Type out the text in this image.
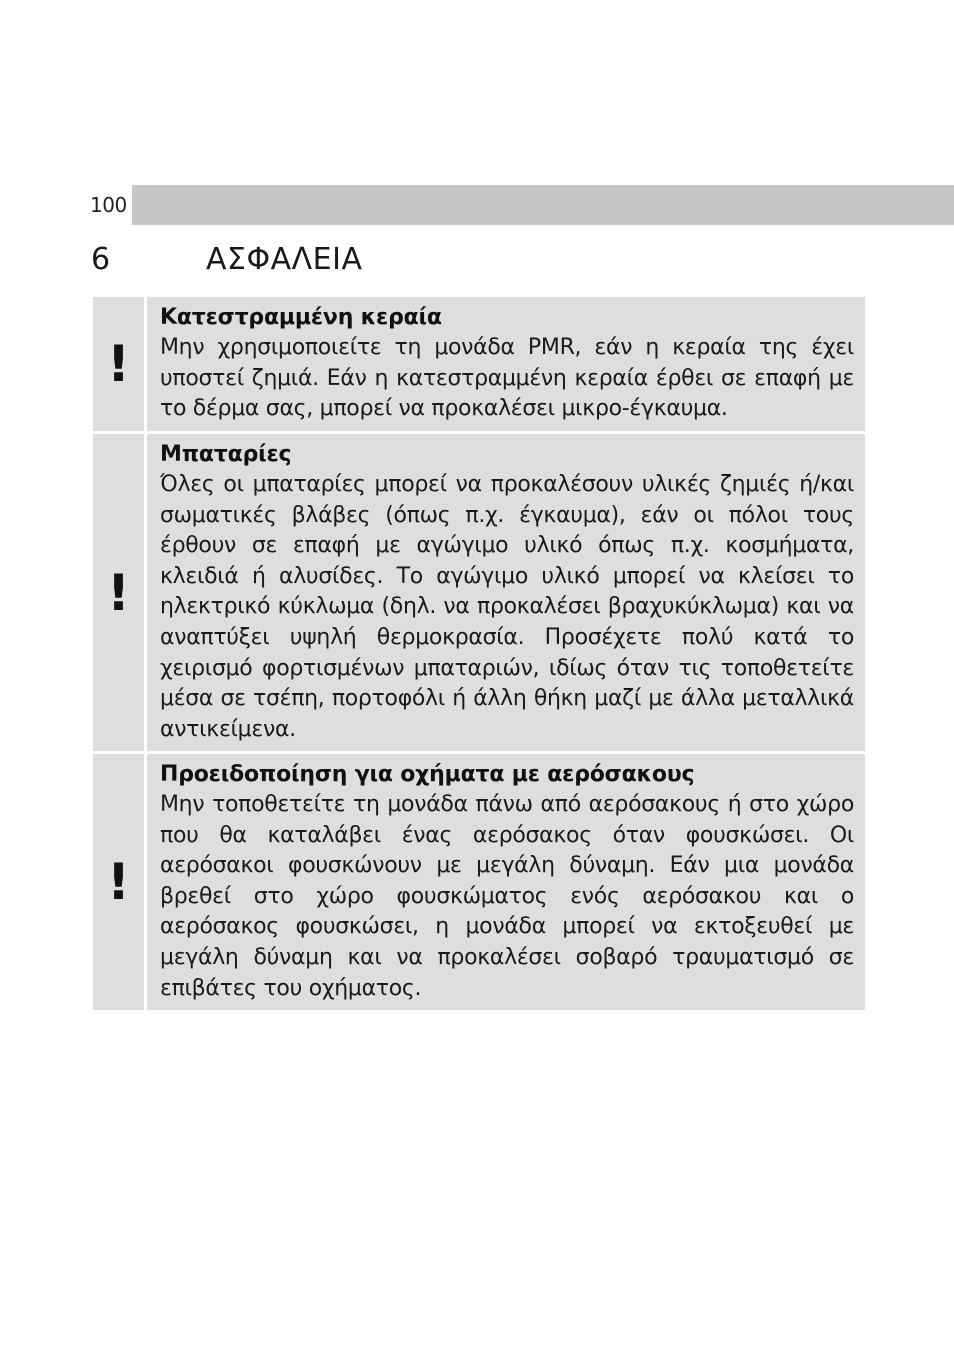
100
6	ΑΣΦΑΛΕΙΑ
!
Κατεστραμμένη κεραία
Μην χρησιμοποιείτε τη μονάδα PMR, εάν η κεραία της έχει υποστεί ζημιά. Εάν η κατεστραμμένη κεραία έρθει σε επαφή με το δέρμα σας, μπορεί να προκαλέσει μικρο-έγκαυμα.
!
Μπαταρίες
Όλες οι μπαταρίες μπορεί να προκαλέσουν υλικές ζημιές ή/και σωματικές βλάβες (όπως π.χ. έγκαυμα), εάν οι πόλοι τους έρθουν σε επαφή με αγώγιμο υλικό όπως π.χ. κοσμήματα, κλειδιά ή αλυσίδες. Το αγώγιμο υλικό μπορεί να κλείσει το ηλεκτρικό κύκλωμα (δηλ. να προκαλέσει βραχυκύκλωμα) και να αναπτύξει υψηλή θερμοκρασία. Προσέχετε πολύ κατά το χειρισμό φορτισμένων μπαταριών, ιδίως όταν τις τοποθετείτε μέσα σε τσέπη, πορτοφόλι ή άλλη θήκη μαζί με άλλα μεταλλικά αντικείμενα.
!
Προειδοποίηση για οχήματα με αερόσακους
Μην τοποθετείτε τη μονάδα πάνω από αερόσακους ή στο χώρο που θα καταλάβει ένας αερόσακος όταν φουσκώσει. Οι αερόσακοι φουσκώνουν με μεγάλη δύναμη. Εάν μια μονάδα βρεθεί στο χώρο φουσκώματος ενός αερόσακου και ο αερόσακος φουσκώσει, η μονάδα μπορεί να εκτοξευθεί με μεγάλη δύναμη και να προκαλέσει σοβαρό τραυματισμό σε επιβάτες του οχήματος.
